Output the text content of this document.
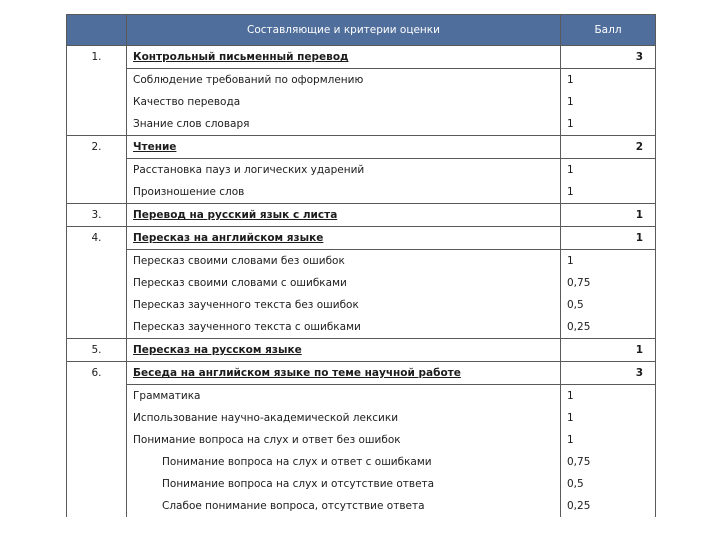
	Составляющие и критерии оценки	Балл
1.	Контрольный письменный перевод	3
	Соблюдение требований по оформлению	1
	Качество перевода	1
	Знание слов словаря	1
2.	Чтение	2
	Расстановка пауз и логических ударений	1
	Произношение слов	1
3.	Перевод на русский язык с листа	1
4.	Пересказ на английском языке	1
	Пересказ своими словами без ошибок	1
	Пересказ своими словами с ошибками	0,75
	Пересказ заученного текста без ошибок	0,5
	Пересказ заученного текста с ошибками	0,25
5.	Пересказ на русском языке	1
6.	Беседа на английском языке по теме научной работе	3
	Грамматика	1
	Использование научно-академической лексики	1
	Понимание вопроса на слух и ответ без ошибок	1
	Понимание вопроса на слух и ответ с ошибками	0,75
	Понимание вопроса на слух и отсутствие ответа	0,5
	Слабое понимание вопроса, отсутствие ответа	0,25
